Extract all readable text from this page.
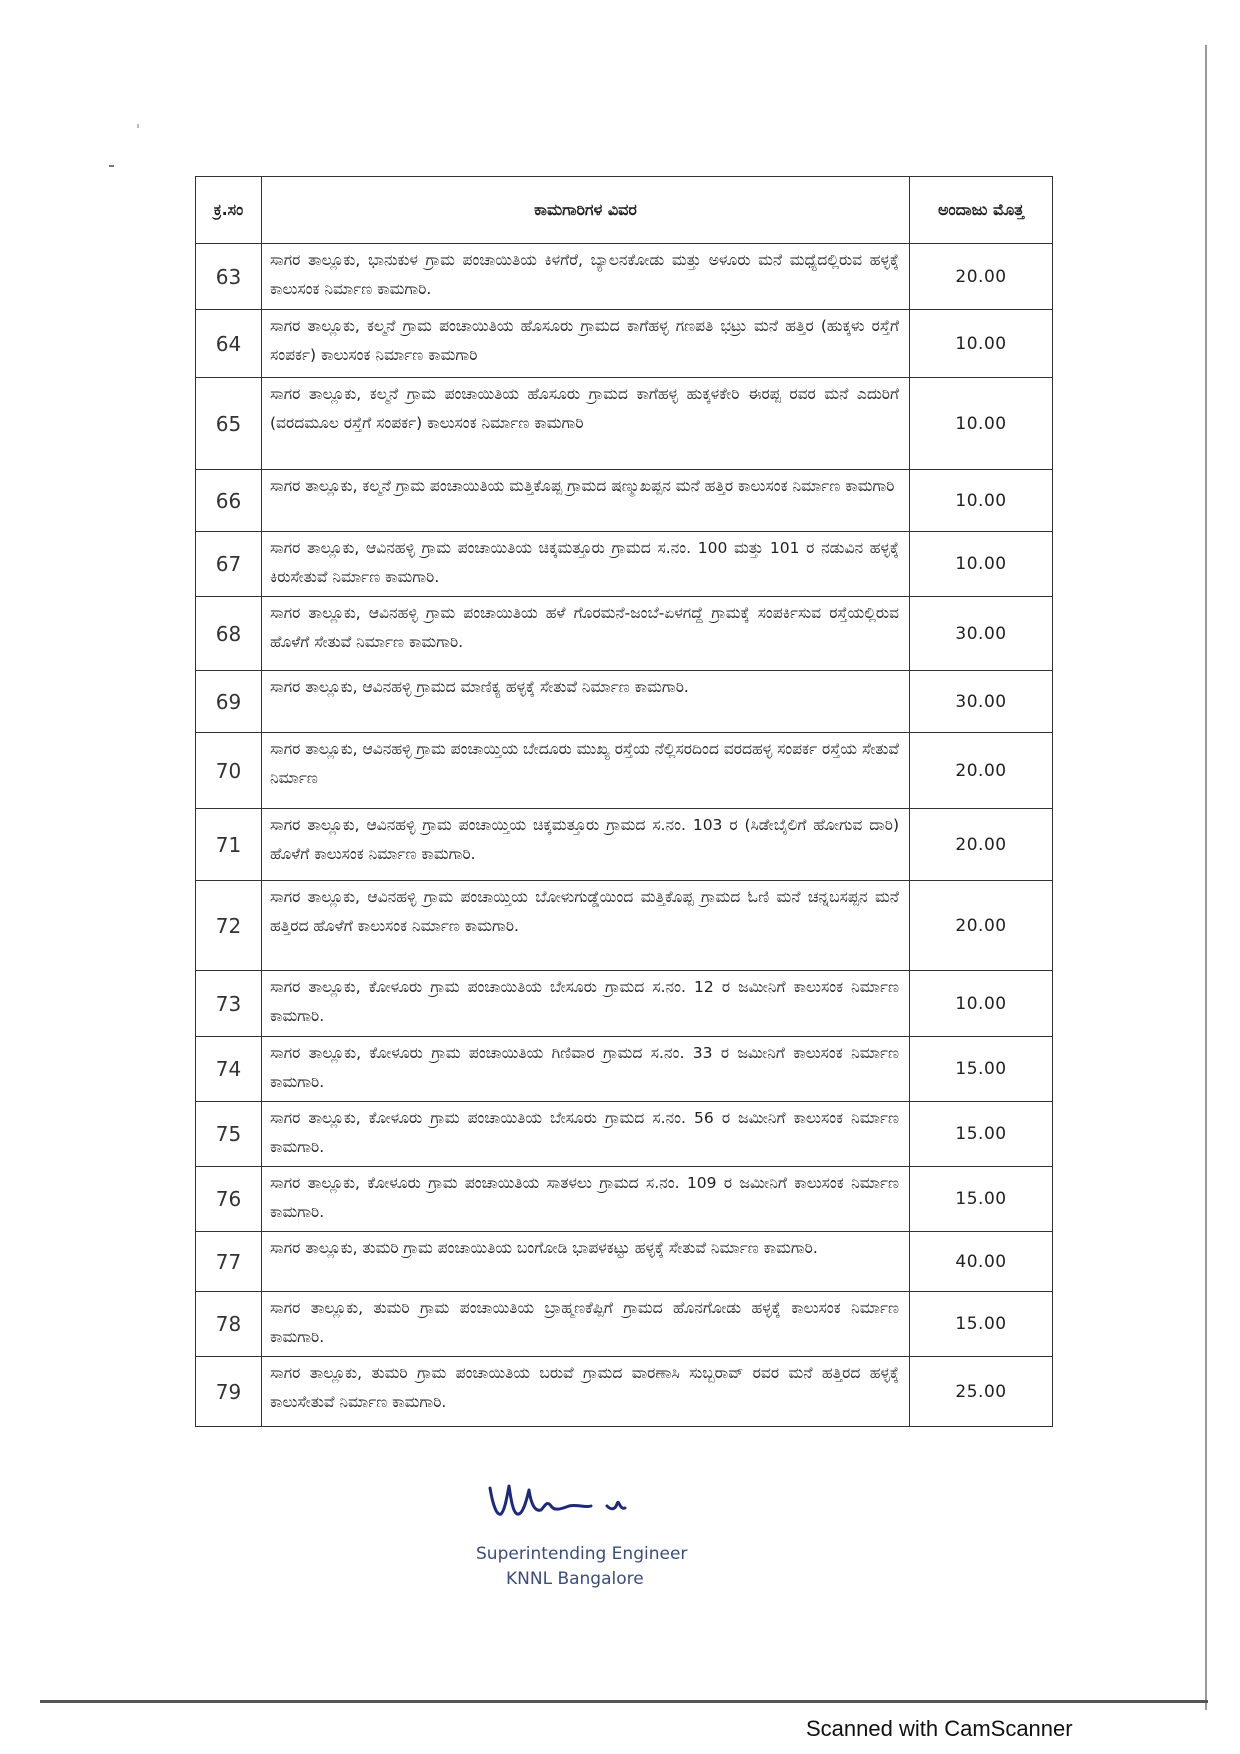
ಕ್ರ.ಸಂ	ಕಾಮಗಾರಿಗಳ ವಿವರ	ಅಂದಾಜು ಮೊತ್ತ
63	ಸಾಗರ ತಾಲ್ಲೂಕು, ಭಾನುಕುಳ ಗ್ರಾಮ ಪಂಚಾಯಿತಿಯ ಕಿಳಗೆರೆ, ಬ್ಯಾಲನಕೋಡು ಮತ್ತು ಅಳೂರು ಮನೆ ಮಧ್ಯೆದಲ್ಲಿರುವ ಹಳ್ಳಕ್ಕೆ ಕಾಲುಸಂಕ ನಿರ್ಮಾಣ ಕಾಮಗಾರಿ.	20.00
64	ಸಾಗರ ತಾಲ್ಲೂಕು, ಕಲ್ಮನೆ ಗ್ರಾಮ ಪಂಚಾಯಿತಿಯ ಹೊಸೂರು ಗ್ರಾಮದ ಕಾಗೆಹಳ್ಳ ಗಣಪತಿ ಭಟ್ರು ಮನೆ ಹತ್ತಿರ (ಹುಕ್ಕಳು ರಸ್ತೆಗೆ ಸಂಪರ್ಕ) ಕಾಲುಸಂಕ ನಿರ್ಮಾಣ ಕಾಮಗಾರಿ	10.00
65	ಸಾಗರ ತಾಲ್ಲೂಕು, ಕಲ್ಮನೆ ಗ್ರಾಮ ಪಂಚಾಯಿತಿಯ ಹೊಸೂರು ಗ್ರಾಮದ ಕಾಗೆಹಳ್ಳ ಹುಕ್ಕಳಕೇರಿ ಈರಪ್ಪ ರವರ ಮನೆ ಎದುರಿಗೆ (ವರದಮೂಲ ರಸ್ತೆಗೆ ಸಂಪರ್ಕ) ಕಾಲುಸಂಕ ನಿರ್ಮಾಣ ಕಾಮಗಾರಿ	10.00
66	ಸಾಗರ ತಾಲ್ಲೂಕು, ಕಲ್ಮನೆ ಗ್ರಾಮ ಪಂಚಾಯಿತಿಯ ಮತ್ತಿಕೊಪ್ಪ ಗ್ರಾಮದ ಷಣ್ಮುಖಪ್ಪನ ಮನೆ ಹತ್ತಿರ ಕಾಲುಸಂಕ ನಿರ್ಮಾಣ ಕಾಮಗಾರಿ	10.00
67	ಸಾಗರ ತಾಲ್ಲೂಕು, ಆವಿನಹಳ್ಳಿ ಗ್ರಾಮ ಪಂಚಾಯಿತಿಯ ಚಿಕ್ಕಮತ್ತೂರು ಗ್ರಾಮದ ಸ.ನಂ. 100 ಮತ್ತು 101 ರ ನಡುವಿನ ಹಳ್ಳಕ್ಕೆ ಕಿರುಸೇತುವೆ ನಿರ್ಮಾಣ ಕಾಮಗಾರಿ.	10.00
68	ಸಾಗರ ತಾಲ್ಲೂಕು, ಆವಿನಹಳ್ಳಿ ಗ್ರಾಮ ಪಂಚಾಯಿತಿಯ ಹಳೆ ಗೊರಮನೆ-ಜಂಬೆ-ಏಳಗದ್ದೆ ಗ್ರಾಮಕ್ಕೆ ಸಂಪರ್ಕಿಸುವ ರಸ್ತೆಯಲ್ಲಿರುವ ಹೊಳೆಗೆ ಸೇತುವೆ ನಿರ್ಮಾಣ ಕಾಮಗಾರಿ.	30.00
69	ಸಾಗರ ತಾಲ್ಲೂಕು, ಆವಿನಹಳ್ಳಿ ಗ್ರಾಮದ ಮಾಣಿಕ್ಯ ಹಳ್ಳಕ್ಕೆ ಸೇತುವೆ ನಿರ್ಮಾಣ ಕಾಮಗಾರಿ.	30.00
70	ಸಾಗರ ತಾಲ್ಲೂಕು, ಆವಿನಹಳ್ಳಿ ಗ್ರಾಮ ಪಂಚಾಯ್ತಿಯ ಬೇದೂರು ಮುಖ್ಯ ರಸ್ತೆಯ ನೆಲ್ಲಿಸರದಿಂದ ವರದಹಳ್ಳ ಸಂಪರ್ಕ ರಸ್ತೆಯ ಸೇತುವೆ ನಿರ್ಮಾಣ	20.00
71	ಸಾಗರ ತಾಲ್ಲೂಕು, ಆವಿನಹಳ್ಳಿ ಗ್ರಾಮ ಪಂಚಾಯ್ತಿಯ ಚಿಕ್ಕಮತ್ತೂರು ಗ್ರಾಮದ ಸ.ನಂ. 103 ರ (ಸಿಡೇಬೈಲಿಗೆ ಹೋಗುವ ದಾರಿ) ಹೊಳೆಗೆ ಕಾಲುಸಂಕ ನಿರ್ಮಾಣ ಕಾಮಗಾರಿ.	20.00
72	ಸಾಗರ ತಾಲ್ಲೂಕು, ಆವಿನಹಳ್ಳಿ ಗ್ರಾಮ ಪಂಚಾಯ್ತಿಯ ಬೋಳುಗುಡ್ಡೆಯಿಂದ ಮತ್ತಿಕೊಪ್ಪ ಗ್ರಾಮದ ಓಣಿ ಮನೆ ಚನ್ನಬಸಪ್ಪನ ಮನೆ ಹತ್ತಿರದ ಹೊಳೆಗೆ ಕಾಲುಸಂಕ ನಿರ್ಮಾಣ ಕಾಮಗಾರಿ.	20.00
73	ಸಾಗರ ತಾಲ್ಲೂಕು, ಕೋಳೂರು ಗ್ರಾಮ ಪಂಚಾಯಿತಿಯ ಬೇಸೂರು ಗ್ರಾಮದ ಸ.ನಂ. 12 ರ ಜಮೀನಿಗೆ ಕಾಲುಸಂಕ ನಿರ್ಮಾಣ ಕಾಮಗಾರಿ.	10.00
74	ಸಾಗರ ತಾಲ್ಲೂಕು, ಕೋಳೂರು ಗ್ರಾಮ ಪಂಚಾಯಿತಿಯ ಗಿಣಿವಾರ ಗ್ರಾಮದ ಸ.ನಂ. 33 ರ ಜಮೀನಿಗೆ ಕಾಲುಸಂಕ ನಿರ್ಮಾಣ ಕಾಮಗಾರಿ.	15.00
75	ಸಾಗರ ತಾಲ್ಲೂಕು, ಕೋಳೂರು ಗ್ರಾಮ ಪಂಚಾಯಿತಿಯ ಬೇಸೂರು ಗ್ರಾಮದ ಸ.ನಂ. 56 ರ ಜಮೀನಿಗೆ ಕಾಲುಸಂಕ ನಿರ್ಮಾಣ ಕಾಮಗಾರಿ.	15.00
76	ಸಾಗರ ತಾಲ್ಲೂಕು, ಕೋಳೂರು ಗ್ರಾಮ ಪಂಚಾಯಿತಿಯ ಸಾತಳಲು ಗ್ರಾಮದ ಸ.ನಂ. 109 ರ ಜಮೀನಿಗೆ ಕಾಲುಸಂಕ ನಿರ್ಮಾಣ ಕಾಮಗಾರಿ.	15.00
77	ಸಾಗರ ತಾಲ್ಲೂಕು, ತುಮರಿ ಗ್ರಾಮ ಪಂಚಾಯಿತಿಯ ಬಂಗೋಡಿ ಭಾಪಳಕಟ್ಟು ಹಳ್ಳಕ್ಕೆ ಸೇತುವೆ ನಿರ್ಮಾಣ ಕಾಮಗಾರಿ.	40.00
78	ಸಾಗರ ತಾಲ್ಲೂಕು, ತುಮರಿ ಗ್ರಾಮ ಪಂಚಾಯಿತಿಯ ಬ್ರಾಹ್ಮಣಕೆಪ್ಪಿಗೆ ಗ್ರಾಮದ ಹೊನಗೋಡು ಹಳ್ಳಕ್ಕೆ ಕಾಲುಸಂಕ ನಿರ್ಮಾಣ ಕಾಮಗಾರಿ.	15.00
79	ಸಾಗರ ತಾಲ್ಲೂಕು, ತುಮರಿ ಗ್ರಾಮ ಪಂಚಾಯಿತಿಯ ಬರುವೆ ಗ್ರಾಮದ ವಾರಣಾಸಿ ಸುಬ್ಬರಾವ್ ರವರ ಮನೆ ಹತ್ತಿರದ ಹಳ್ಳಕ್ಕೆ ಕಾಲುಸೇತುವೆ ನಿರ್ಮಾಣ ಕಾಮಗಾರಿ.	25.00
Superintending Engineer
KNNL Bangalore
Scanned with CamScanner
